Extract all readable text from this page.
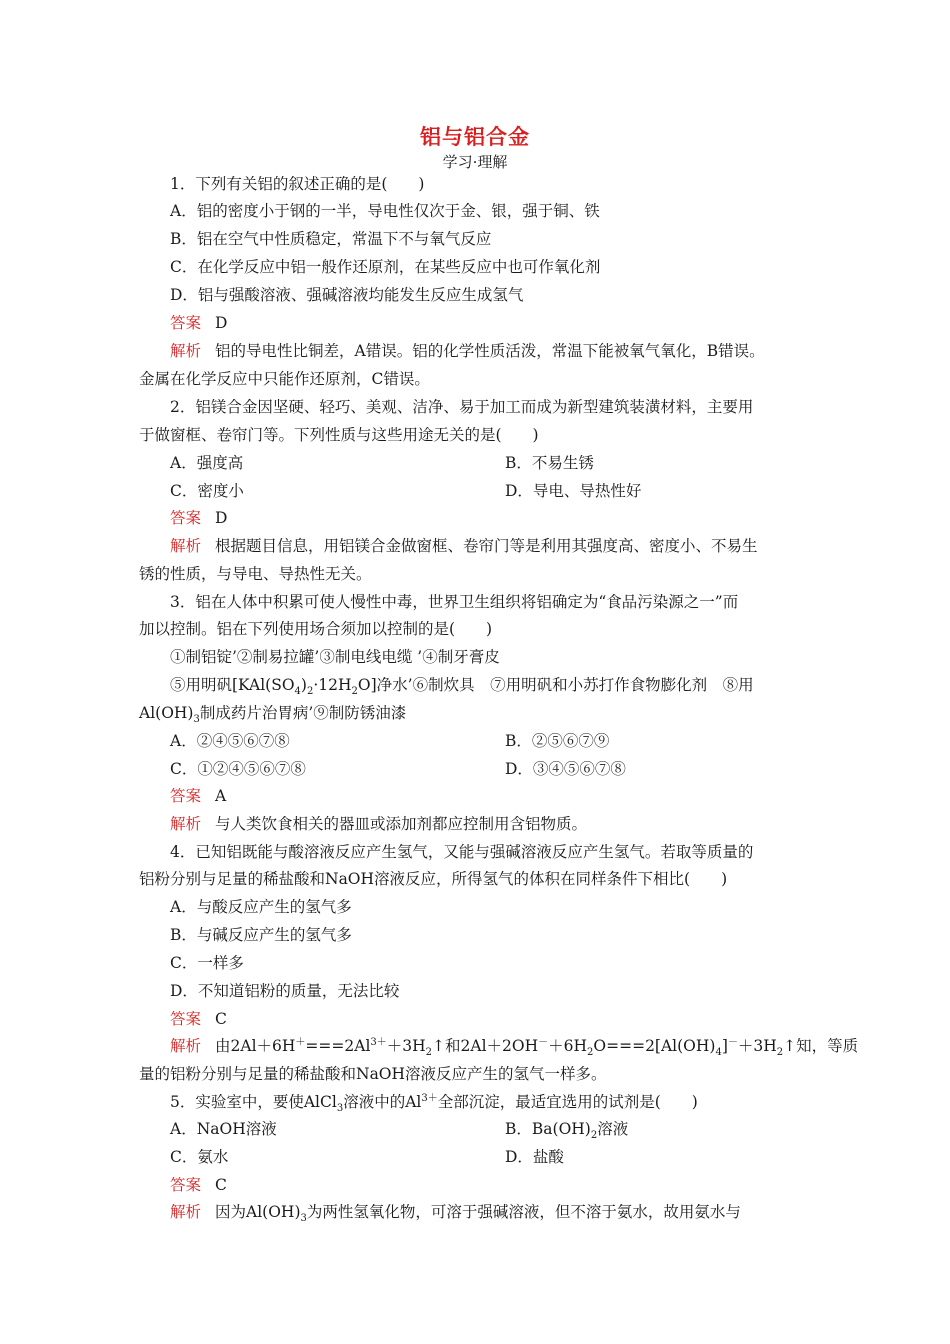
铝与铝合金
学习·理解
1．下列有关铝的叙述正确的是(　　)
A．铝的密度小于钢的一半，导电性仅次于金、银，强于铜、铁
B．铝在空气中性质稳定，常温下不与氧气反应
C．在化学反应中铝一般作还原剂，在某些反应中也可作氧化剂
D．铝与强酸溶液、强碱溶液均能发生反应生成氢气
答案 D
解析 铝的导电性比铜差，A错误。铝的化学性质活泼，常温下能被氧气氧化，B错误。
金属在化学反应中只能作还原剂，C错误。
2．铝镁合金因坚硬、轻巧、美观、洁净、易于加工而成为新型建筑装潢材料，主要用
于做窗框、卷帘门等。下列性质与这些用途无关的是(　　)
A．强度高	B．不易生锈
C．密度小	D．导电、导热性好
答案 D
解析 根据题目信息，用铝镁合金做窗框、卷帘门等是利用其强度高、密度小、不易生
锈的性质，与导电、导热性无关。
3．铝在人体中积累可使人慢性中毒，世界卫生组织将铝确定为“食品污染源之一”而
加以控制。铝在下列使用场合须加以控制的是(　　)
①制铝锭’②制易拉罐’③制电线电缆 ’④制牙膏皮
⑤用明矾$[KAl(SO_4)_2\cdot 12H_2O]$净水’⑥制炊具　⑦用明矾和小苏打作食物膨化剂　⑧用
$Al(OH)_3$制成药片治胃病’⑨制防锈油漆
A．②④⑤⑥⑦⑧	B．②⑤⑥⑦⑨
C．①②④⑤⑥⑦⑧	D．③④⑤⑥⑦⑧
答案 A
解析 与人类饮食相关的器皿或添加剂都应控制用含铝物质。
4．已知铝既能与酸溶液反应产生氢气，又能与强碱溶液反应产生氢气。若取等质量的
铝粉分别与足量的稀盐酸和NaOH溶液反应，所得氢气的体积在同样条件下相比(　　)
A．与酸反应产生的氢气多
B．与碱反应产生的氢气多
C．一样多
D．不知道铝粉的质量，无法比较
答案 C
解析 由$2Al+6H^+===2Al^{3+}+3H_2↑$和$2Al+2OH^-+6H_2O===2[Al(OH)_4]^-+3H_2↑$知，等质
量的铝粉分别与足量的稀盐酸和NaOH溶液反应产生的氢气一样多。
5．实验室中，要使AlCl$_3$溶液中的$Al^{3+}$全部沉淀，最适宜选用的试剂是(　　)
A．NaOH溶液	B．$Ba(OH)_2$溶液
C．氨水	D．盐酸
答案 C
解析 因为$Al(OH)_3$为两性氢氧化物，可溶于强碱溶液，但不溶于氨水，故用氨水与
